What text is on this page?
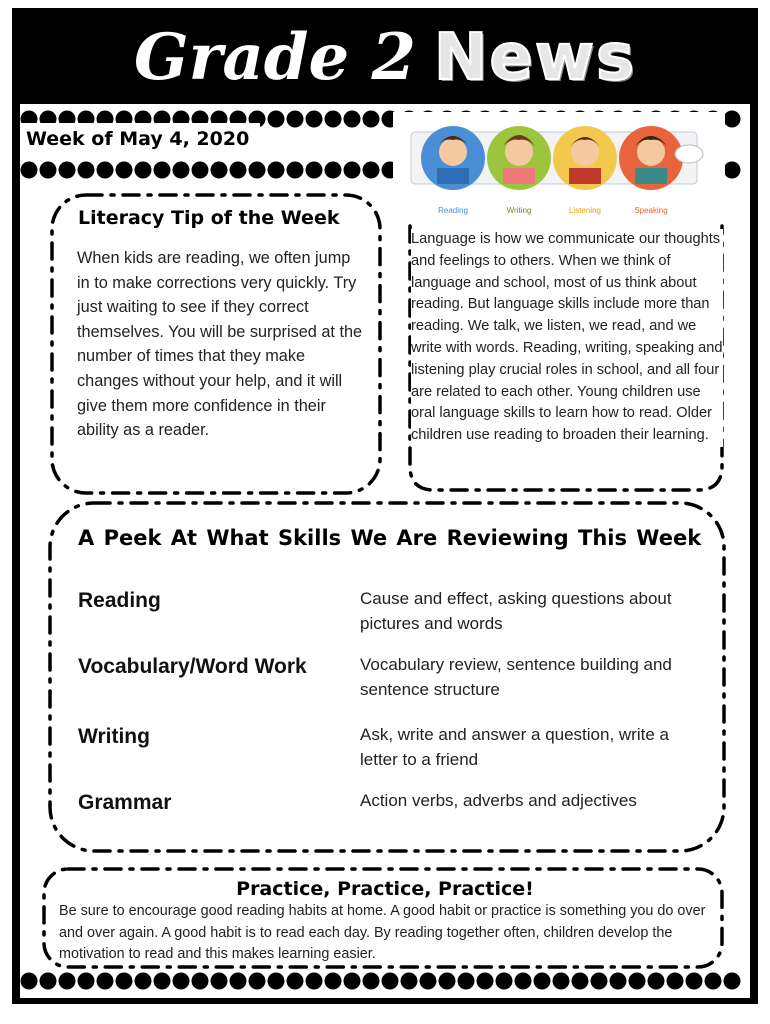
Grade 2 News
Week of May 4, 2020
Reading	Writing	Listening	Speaking
Literacy Tip of the Week
When kids are reading, we often jump in to make corrections very quickly. Try just waiting to see if they correct themselves. You will be surprised at the number of times that they make changes without your help, and it will give them more confidence in their ability as a reader.
Language is how we communicate our thoughts and feelings to others. When we think of language and school, most of us think about reading. But language skills include more than reading. We talk, we listen, we read, and we write with words. Reading, writing, speaking and listening play crucial roles in school, and all four are related to each other. Young children use oral language skills to learn how to read. Older children use reading to broaden their learning.
A Peek At What Skills We Are Reviewing This Week
Reading	Cause and effect, asking questions about pictures and words
Vocabulary/Word Work	Vocabulary review, sentence building and sentence structure
Writing	Ask, write and answer a question, write a letter to a friend
Grammar	Action verbs, adverbs and adjectives
Practice, Practice, Practice!
Be sure to encourage good reading habits at home. A good habit or practice is something you do over and over again. A good habit is to read each day. By reading together often, children develop the motivation to read and this makes learning easier.
